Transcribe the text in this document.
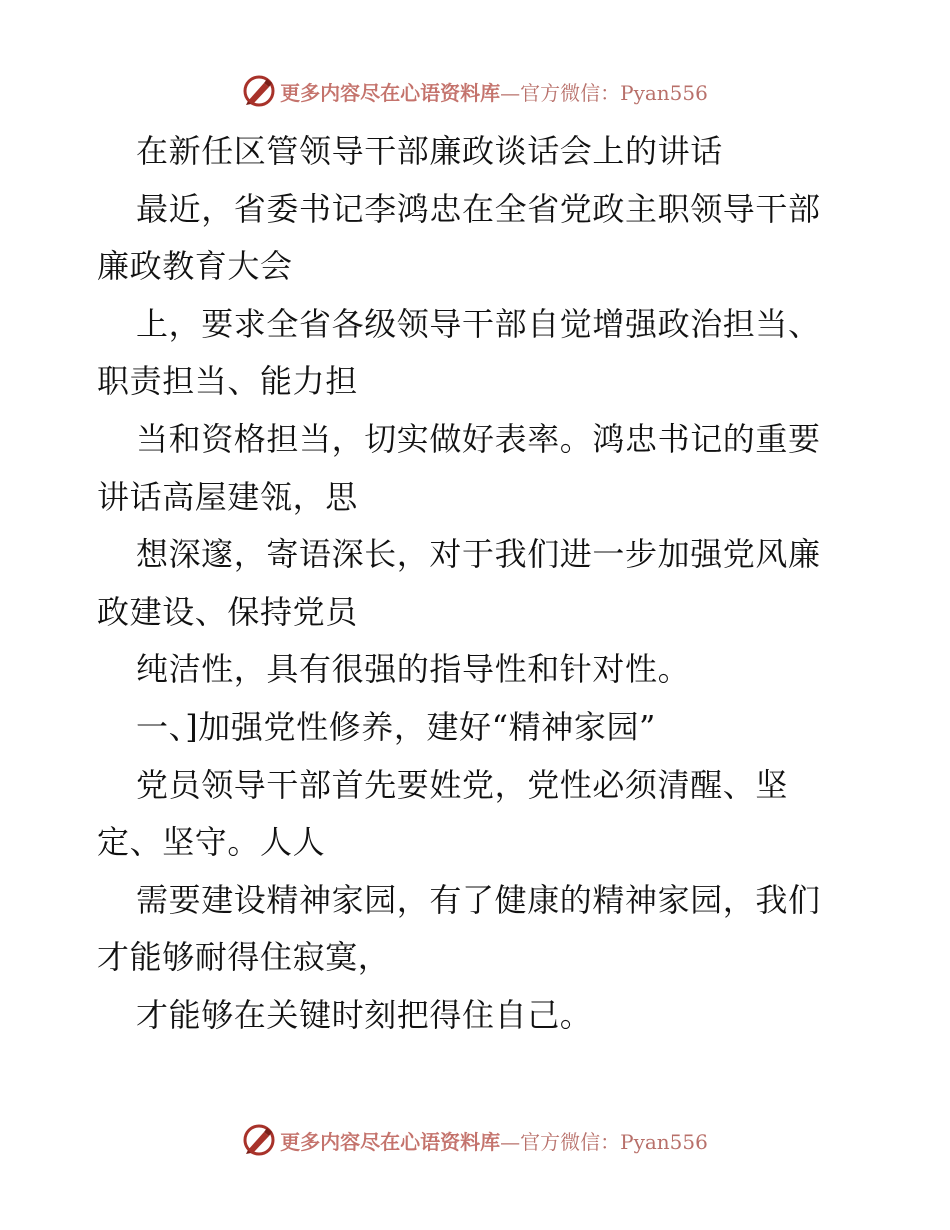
更多内容尽在心语资料库—官方微信：Pyan556
在新任区管领导干部廉政谈话会上的讲话
最近，省委书记李鸿忠在全省党政主职领导干部
廉政教育大会
上，要求全省各级领导干部自觉增强政治担当、
职责担当、能力担
当和资格担当，切实做好表率。鸿忠书记的重要
讲话高屋建瓴，思
想深邃，寄语深长，对于我们进一步加强党风廉
政建设、保持党员
纯洁性，具有很强的指导性和针对性。
一、]加强党性修养，建好“精神家园”
党员领导干部首先要姓党，党性必须清醒、坚
定、坚守。人人
需要建设精神家园，有了健康的精神家园，我们
才能够耐得住寂寞，
才能够在关键时刻把得住自己。
更多内容尽在心语资料库—官方微信：Pyan556
